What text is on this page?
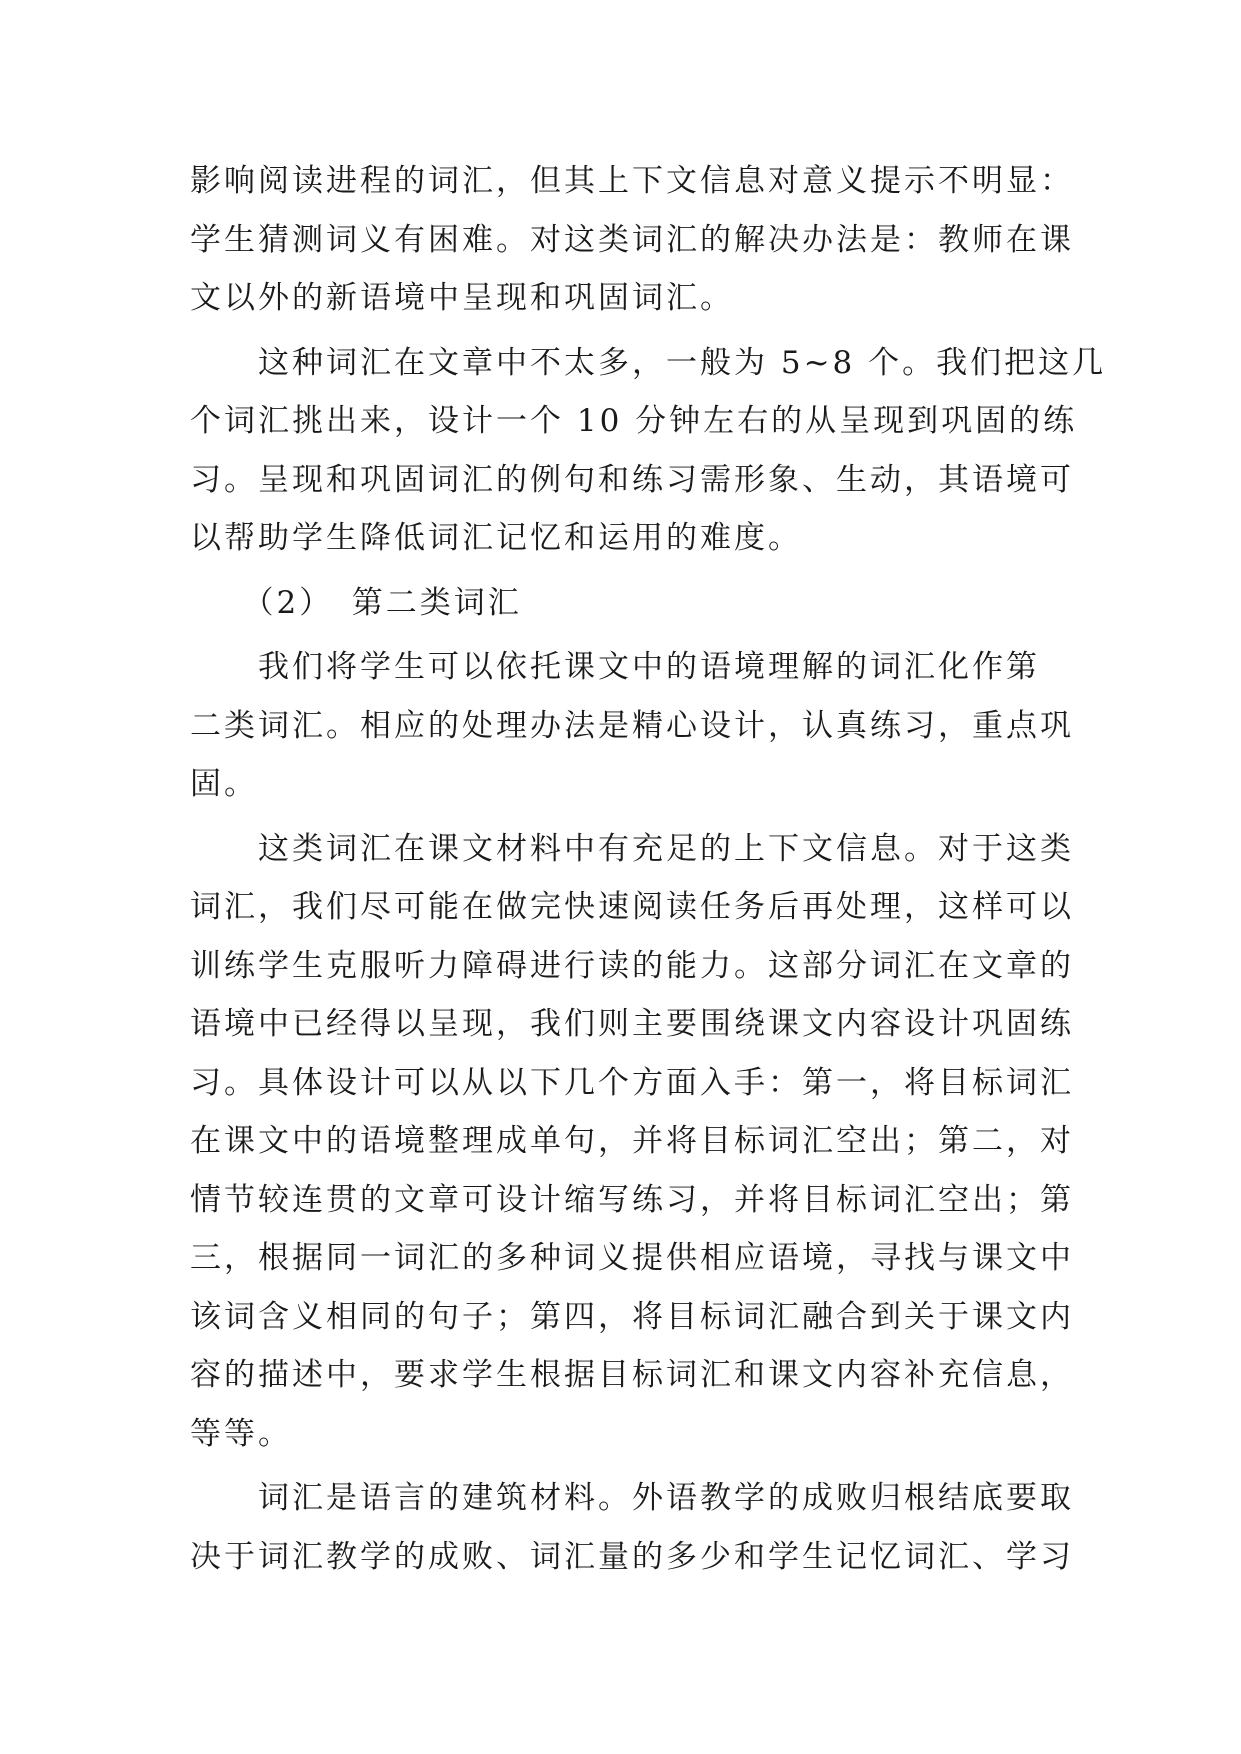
影响阅读进程的词汇，但其上下文信息对意义提示不明显：
学生猜测词义有困难。对这类词汇的解决办法是：教师在课
文以外的新语境中呈现和巩固词汇。
　　这种词汇在文章中不太多，一般为 5~8 个。我们把这几
个词汇挑出来，设计一个 10 分钟左右的从呈现到巩固的练
习。呈现和巩固词汇的例句和练习需形象、生动，其语境可
以帮助学生降低词汇记忆和运用的难度。
　　（2）　第二类词汇
　　我们将学生可以依托课文中的语境理解的词汇化作第
二类词汇。相应的处理办法是精心设计，认真练习，重点巩
固。
　　这类词汇在课文材料中有充足的上下文信息。对于这类
词汇，我们尽可能在做完快速阅读任务后再处理，这样可以
训练学生克服听力障碍进行读的能力。这部分词汇在文章的
语境中已经得以呈现，我们则主要围绕课文内容设计巩固练
习。具体设计可以从以下几个方面入手：第一，将目标词汇
在课文中的语境整理成单句，并将目标词汇空出；第二，对
情节较连贯的文章可设计缩写练习，并将目标词汇空出；第
三，根据同一词汇的多种词义提供相应语境，寻找与课文中
该词含义相同的句子；第四，将目标词汇融合到关于课文内
容的描述中，要求学生根据目标词汇和课文内容补充信息，
等等。
　　词汇是语言的建筑材料。外语教学的成败归根结底要取
决于词汇教学的成败、词汇量的多少和学生记忆词汇、学习
